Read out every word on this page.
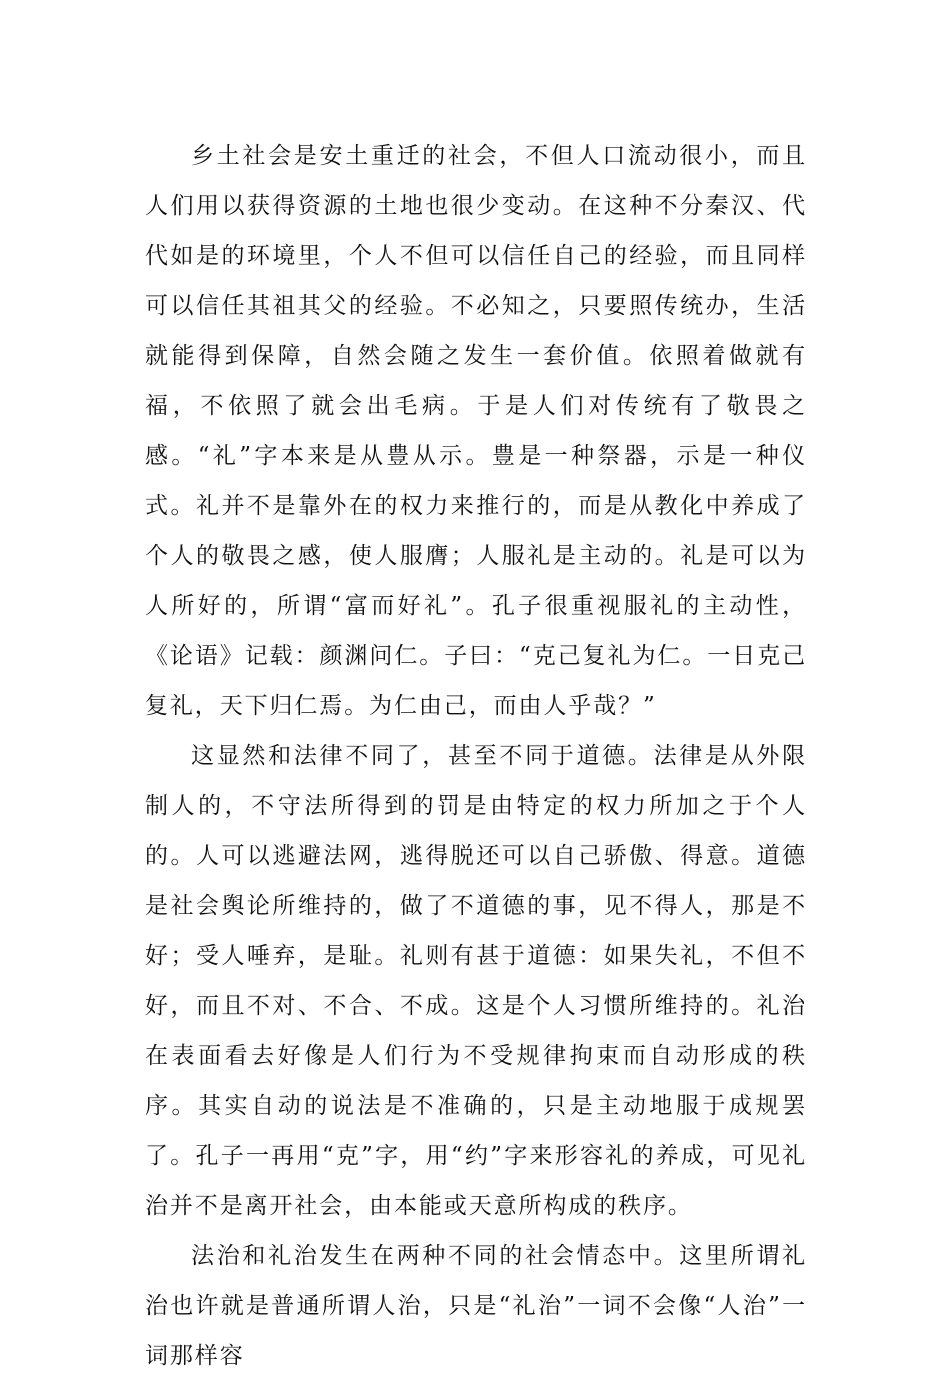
乡土社会是安土重迁的社会，不但人口流动很小，而且人们用以获得资源的土地也很少变动。在这种不分秦汉、代代如是的环境里，个人不但可以信任自己的经验，而且同样可以信任其祖其父的经验。不必知之，只要照传统办，生活就能得到保障，自然会随之发生一套价值。依照着做就有福，不依照了就会出毛病。于是人们对传统有了敬畏之感。“礼”字本来是从豊从示。豊是一种祭器，示是一种仪式。礼并不是靠外在的权力来推行的，而是从教化中养成了个人的敬畏之感，使人服膺；人服礼是主动的。礼是可以为人所好的，所谓“富而好礼”。孔子很重视服礼的主动性，《论语》记载：颜渊问仁。子曰：“克己复礼为仁。一日克己复礼，天下归仁焉。为仁由己，而由人乎哉？”

这显然和法律不同了，甚至不同于道德。法律是从外限制人的，不守法所得到的罚是由特定的权力所加之于个人的。人可以逃避法网，逃得脱还可以自己骄傲、得意。道德是社会舆论所维持的，做了不道德的事，见不得人，那是不好；受人唾弃，是耻。礼则有甚于道德：如果失礼，不但不好，而且不对、不合、不成。这是个人习惯所维持的。礼治在表面看去好像是人们行为不受规律拘束而自动形成的秩序。其实自动的说法是不准确的，只是主动地服于成规罢了。孔子一再用“克”字，用“约”字来形容礼的养成，可见礼治并不是离开社会，由本能或天意所构成的秩序。

法治和礼治发生在两种不同的社会情态中。这里所谓礼治也许就是普通所谓人治，只是“礼治”一词不会像“人治”一词那样容
